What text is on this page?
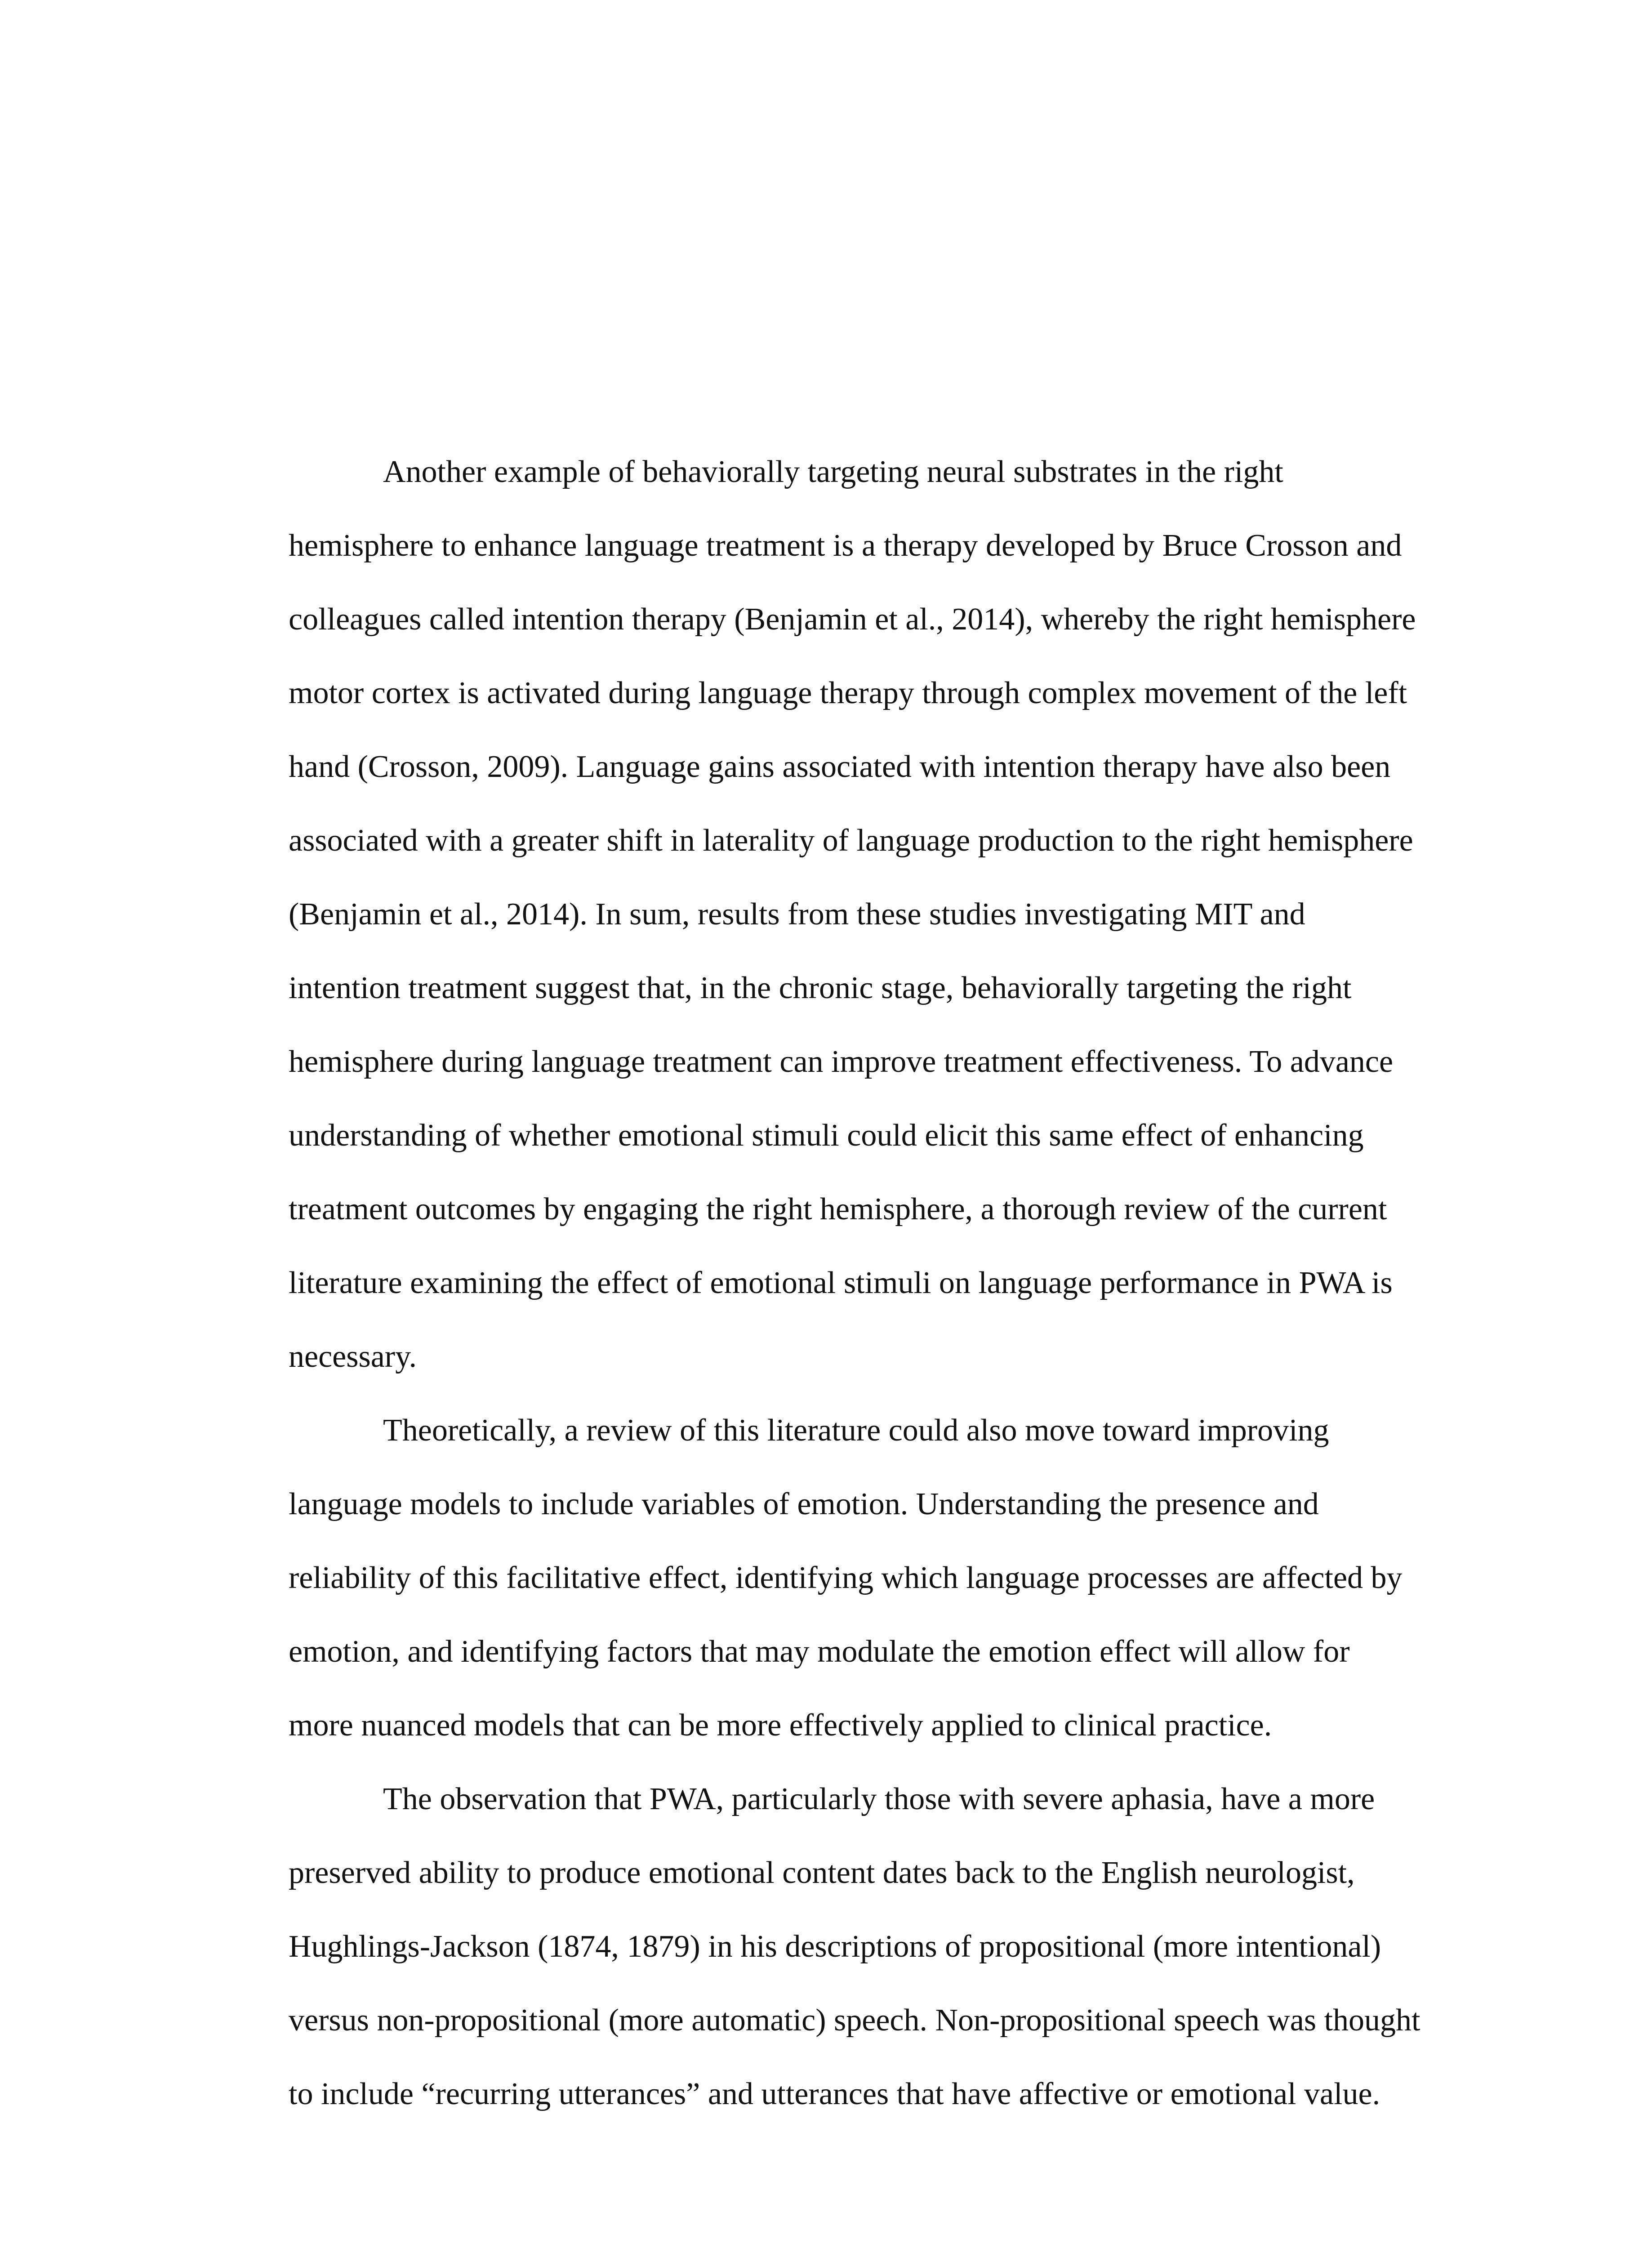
Another example of behaviorally targeting neural substrates in the right
hemisphere to enhance language treatment is a therapy developed by Bruce Crosson and
colleagues called intention therapy (Benjamin et al., 2014), whereby the right hemisphere
motor cortex is activated during language therapy through complex movement of the left
hand (Crosson, 2009). Language gains associated with intention therapy have also been
associated with a greater shift in laterality of language production to the right hemisphere
(Benjamin et al., 2014). In sum, results from these studies investigating MIT and
intention treatment suggest that, in the chronic stage, behaviorally targeting the right
hemisphere during language treatment can improve treatment effectiveness. To advance
understanding of whether emotional stimuli could elicit this same effect of enhancing
treatment outcomes by engaging the right hemisphere, a thorough review of the current
literature examining the effect of emotional stimuli on language performance in PWA is
necessary.
Theoretically, a review of this literature could also move toward improving
language models to include variables of emotion. Understanding the presence and
reliability of this facilitative effect, identifying which language processes are affected by
emotion, and identifying factors that may modulate the emotion effect will allow for
more nuanced models that can be more effectively applied to clinical practice.
The observation that PWA, particularly those with severe aphasia, have a more
preserved ability to produce emotional content dates back to the English neurologist,
Hughlings-Jackson (1874, 1879) in his descriptions of propositional (more intentional)
versus non-propositional (more automatic) speech. Non-propositional speech was thought
to include “recurring utterances” and utterances that have affective or emotional value.
